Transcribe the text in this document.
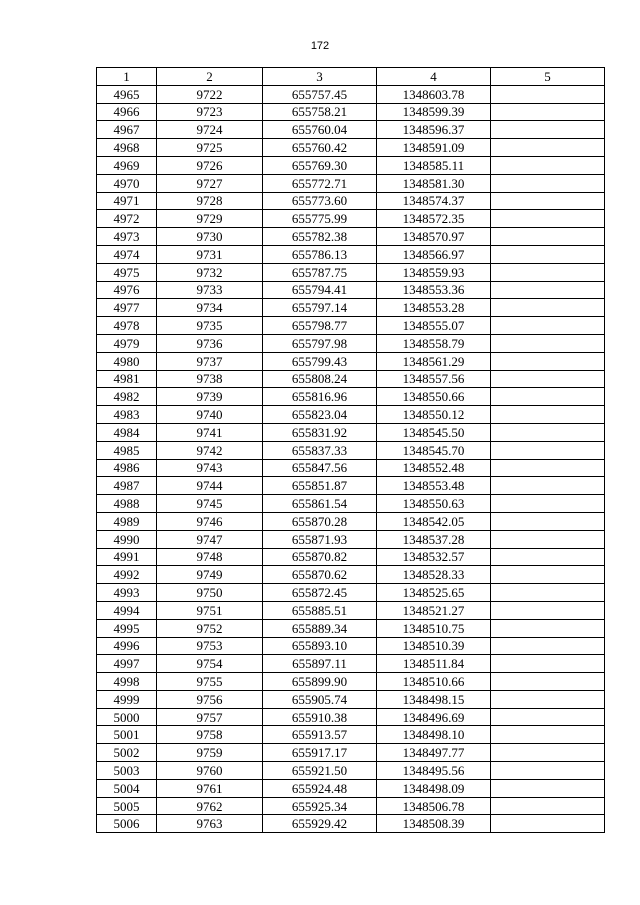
172
1	2	3	4	5
4965	9722	655757.45	1348603.78	
4966	9723	655758.21	1348599.39	
4967	9724	655760.04	1348596.37	
4968	9725	655760.42	1348591.09	
4969	9726	655769.30	1348585.11	
4970	9727	655772.71	1348581.30	
4971	9728	655773.60	1348574.37	
4972	9729	655775.99	1348572.35	
4973	9730	655782.38	1348570.97	
4974	9731	655786.13	1348566.97	
4975	9732	655787.75	1348559.93	
4976	9733	655794.41	1348553.36	
4977	9734	655797.14	1348553.28	
4978	9735	655798.77	1348555.07	
4979	9736	655797.98	1348558.79	
4980	9737	655799.43	1348561.29	
4981	9738	655808.24	1348557.56	
4982	9739	655816.96	1348550.66	
4983	9740	655823.04	1348550.12	
4984	9741	655831.92	1348545.50	
4985	9742	655837.33	1348545.70	
4986	9743	655847.56	1348552.48	
4987	9744	655851.87	1348553.48	
4988	9745	655861.54	1348550.63	
4989	9746	655870.28	1348542.05	
4990	9747	655871.93	1348537.28	
4991	9748	655870.82	1348532.57	
4992	9749	655870.62	1348528.33	
4993	9750	655872.45	1348525.65	
4994	9751	655885.51	1348521.27	
4995	9752	655889.34	1348510.75	
4996	9753	655893.10	1348510.39	
4997	9754	655897.11	1348511.84	
4998	9755	655899.90	1348510.66	
4999	9756	655905.74	1348498.15	
5000	9757	655910.38	1348496.69	
5001	9758	655913.57	1348498.10	
5002	9759	655917.17	1348497.77	
5003	9760	655921.50	1348495.56	
5004	9761	655924.48	1348498.09	
5005	9762	655925.34	1348506.78	
5006	9763	655929.42	1348508.39	
